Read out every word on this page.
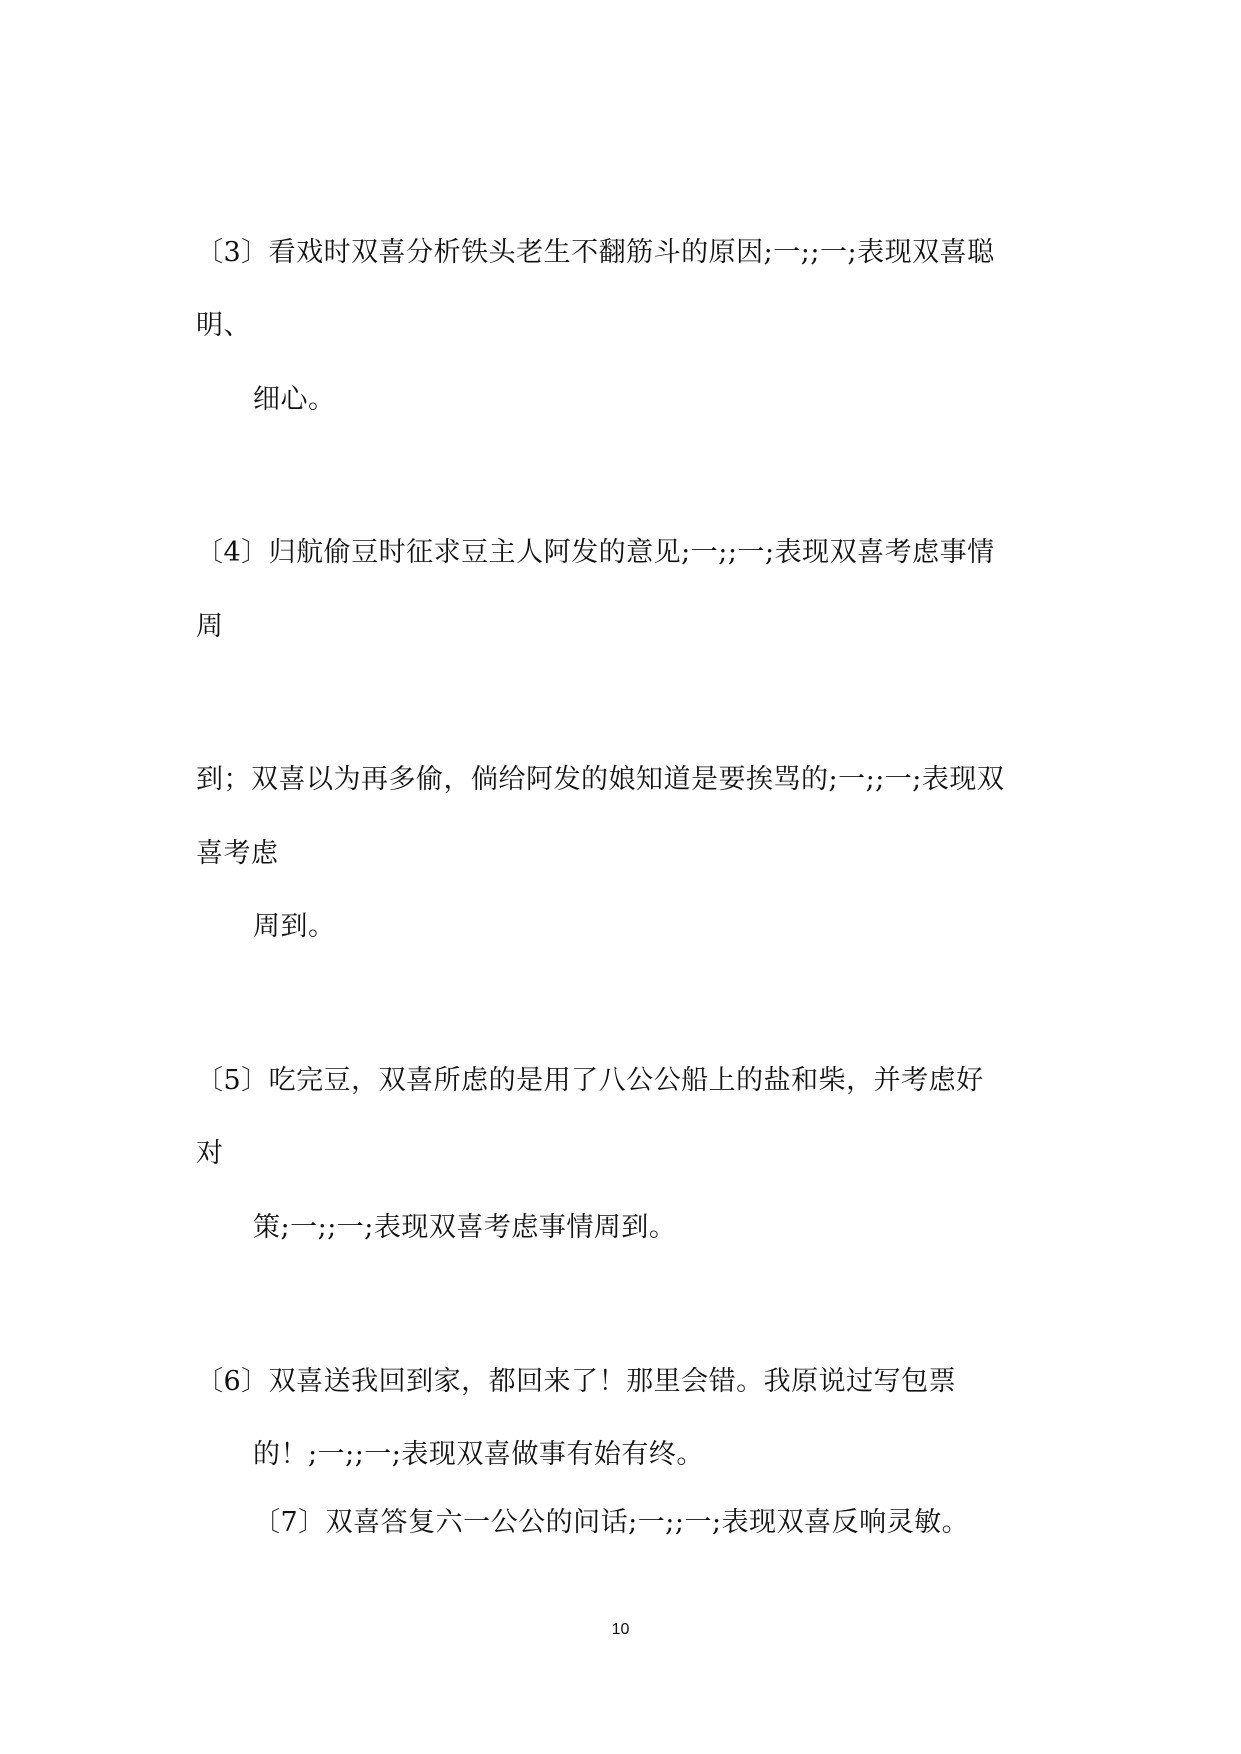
〔3〕看戏时双喜分析铁头老生不翻筋斗的原因;一;;一;表现双喜聪
明、
细心。
〔4〕归航偷豆时征求豆主人阿发的意见;一;;一;表现双喜考虑事情
周
到；双喜以为再多偷，倘给阿发的娘知道是要挨骂的;一;;一;表现双
喜考虑
周到。
〔5〕吃完豆，双喜所虑的是用了八公公船上的盐和柴，并考虑好
对
策;一;;一;表现双喜考虑事情周到。
〔6〕双喜送我回到家，都回来了！那里会错。我原说过写包票
的！;一;;一;表现双喜做事有始有终。
〔7〕双喜答复六一公公的问话;一;;一;表现双喜反响灵敏。
10
